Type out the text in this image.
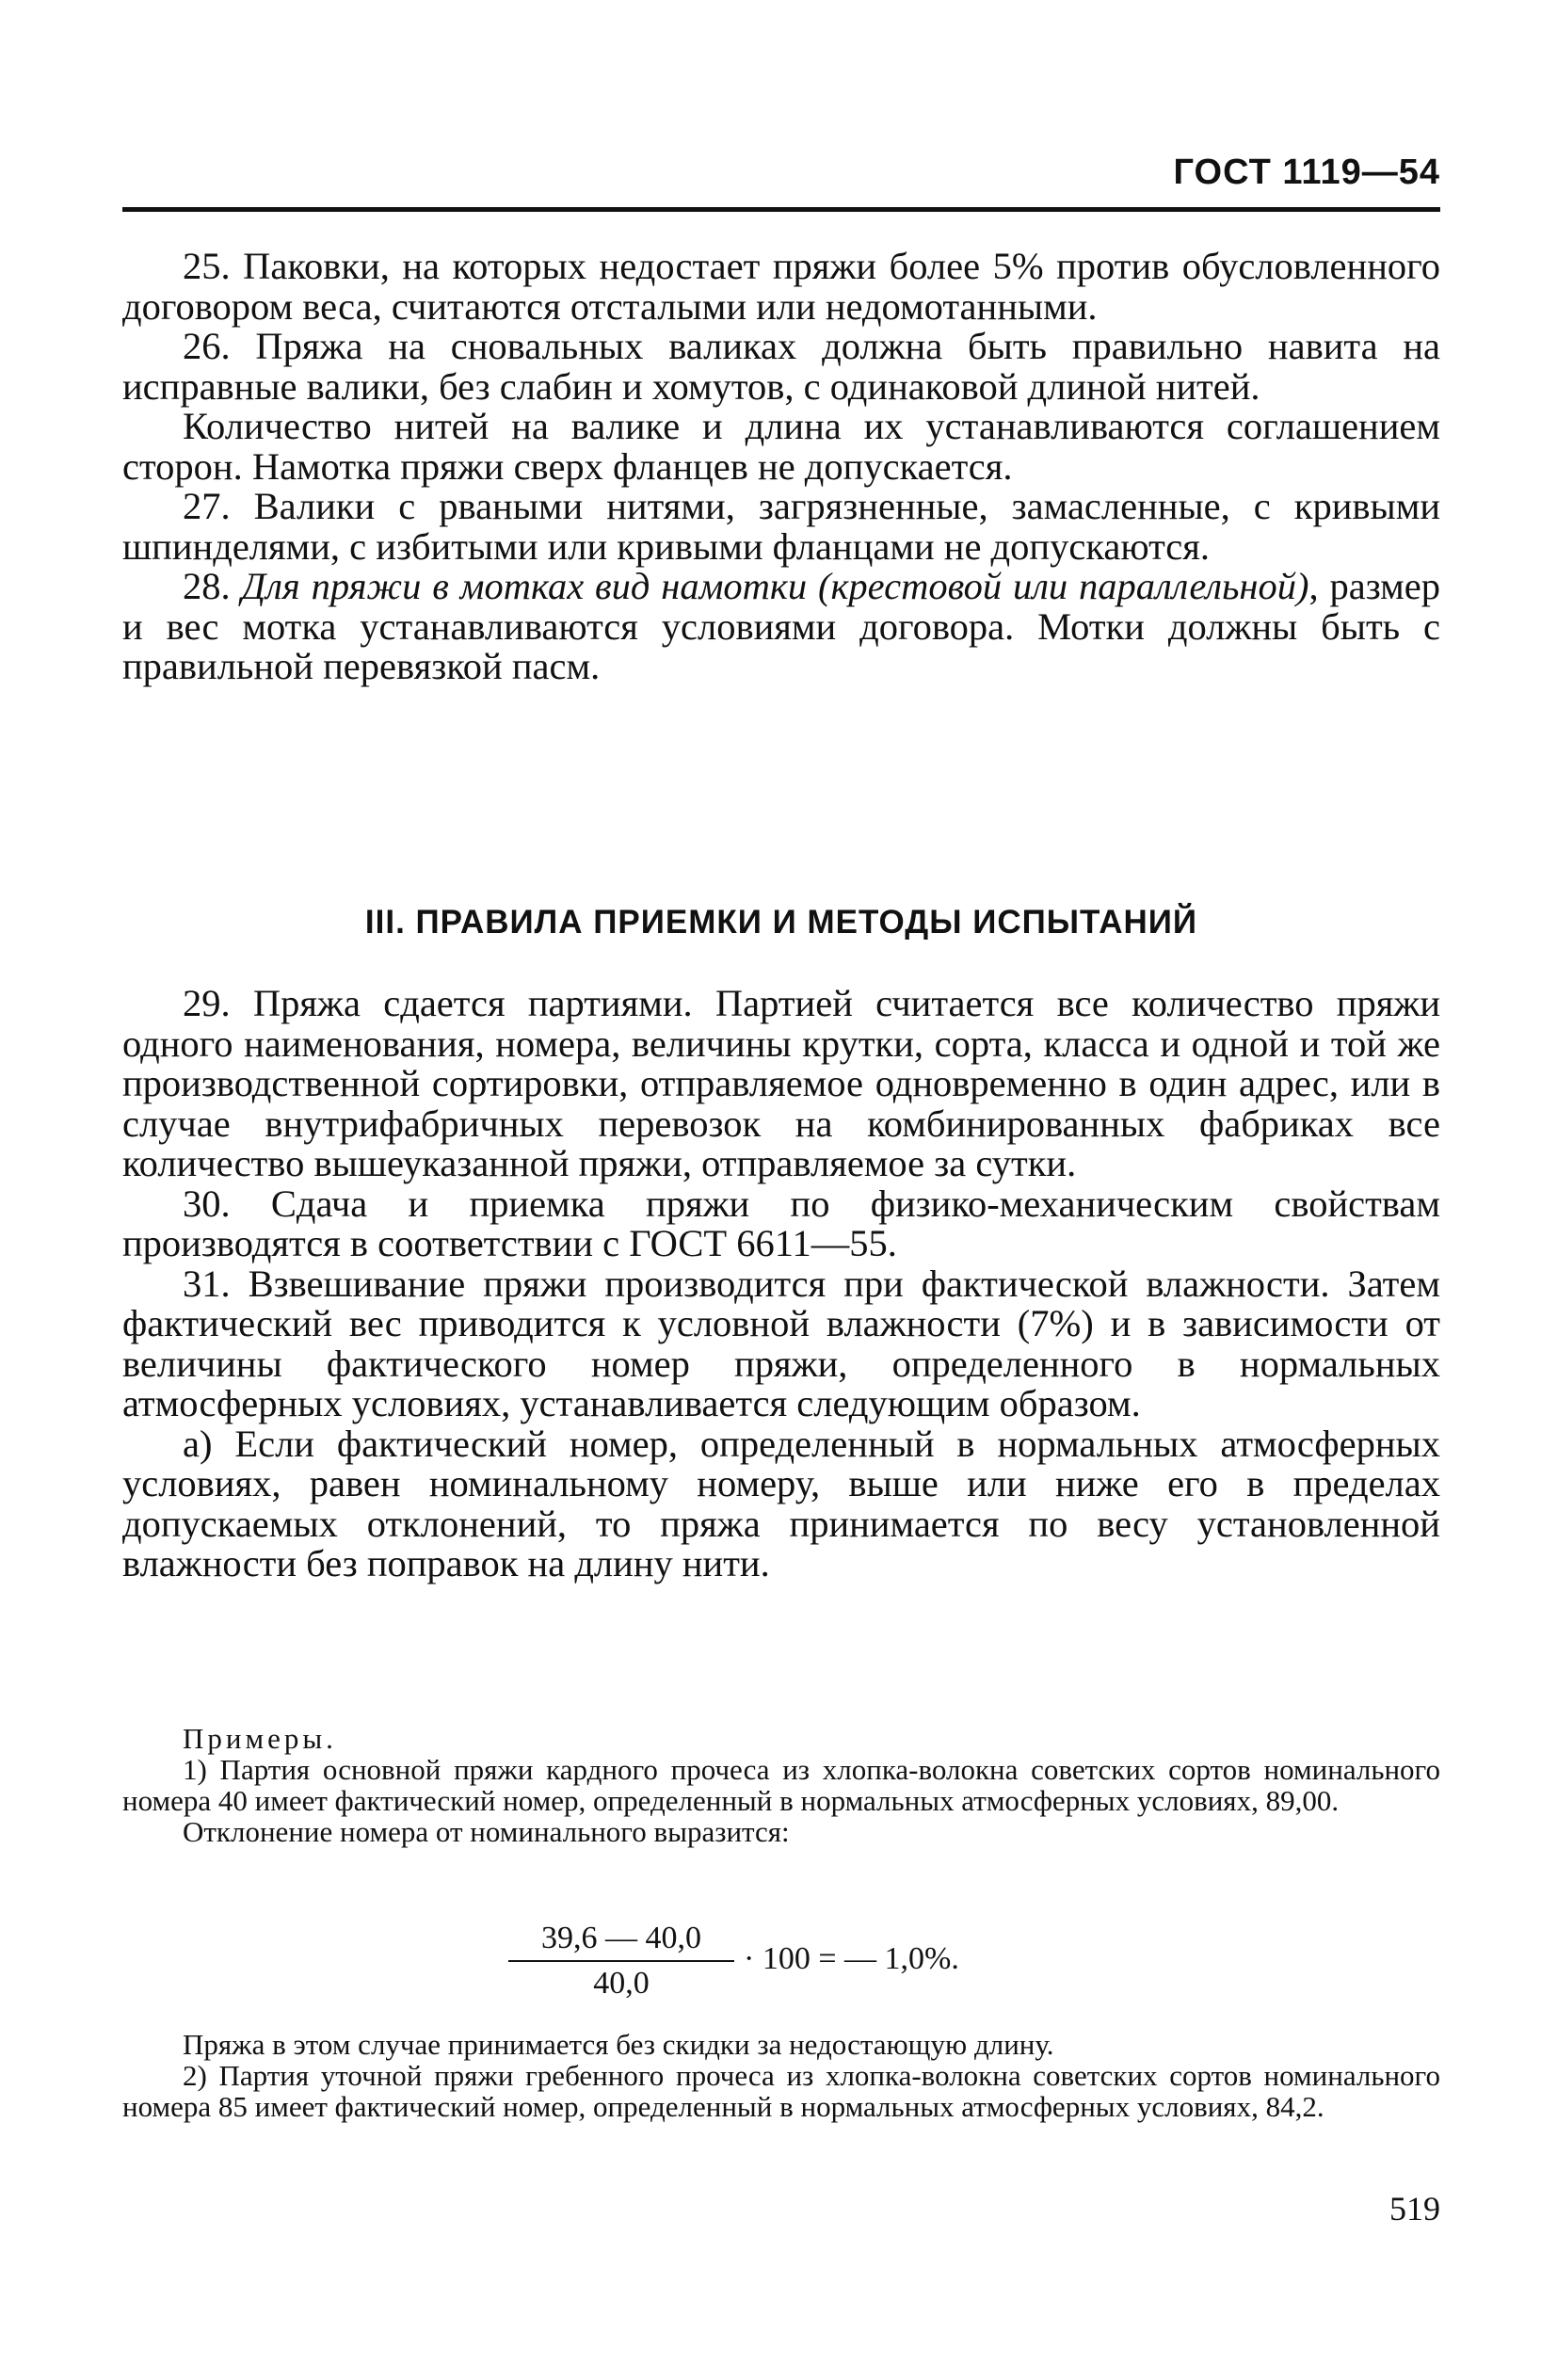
ГОСТ 1119—54

25. Паковки, на которых недостает пряжи более 5% против обусловленного договором веса, считаются отсталыми или недомотанными.

26. Пряжа на сновальных валиках должна быть правильно навита на исправные валики, без слабин и хомутов, с одинаковой длиной нитей.

Количество нитей на валике и длина их устанавливаются соглашением сторон. Намотка пряжи сверх фланцев не допускается.

27. Валики с рваными нитями, загрязненные, замасленные, с кривыми шпинделями, с избитыми или кривыми фланцами не допускаются.

28. Для пряжи в мотках вид намотки (крестовой или параллельной), размер и вес мотка устанавливаются условиями договора. Мотки должны быть с правильной перевязкой пасм.

III. ПРАВИЛА ПРИЕМКИ И МЕТОДЫ ИСПЫТАНИЙ

29. Пряжа сдается партиями. Партией считается все количество пряжи одного наименования, номера, величины крутки, сорта, класса и одной и той же производственной сортировки, отправляемое одновременно в один адрес, или в случае внутрифабричных перевозок на комбинированных фабриках все количество вышеуказанной пряжи, отправляемое за сутки.

30. Сдача и приемка пряжи по физико-механическим свойствам производятся в соответствии с ГОСТ 6611—55.

31. Взвешивание пряжи производится при фактической влажности. Затем фактический вес приводится к условной влажности (7%) и в зависимости от величины фактического номер пряжи, определенного в нормальных атмосферных условиях, устанавливается следующим образом.

а) Если фактический номер, определенный в нормальных атмосферных условиях, равен номинальному номеру, выше или ниже его в пределах допускаемых отклонений, то пряжа принимается по весу установленной влажности без поправок на длину нити.

Примеры.

1) Партия основной пряжи кардного прочеса из хлопка-волокна советских сортов номинального номера 40 имеет фактический номер, определенный в нормальных атмосферных условиях, 89,00.

Отклонение номера от номинального выразится:

39,6 — 40,0
40,0
· 100 = — 1,0%.

Пряжа в этом случае принимается без скидки за недостающую длину.

2) Партия уточной пряжи гребенного прочеса из хлопка-волокна советских сортов номинального номера 85 имеет фактический номер, определенный в нормальных атмосферных условиях, 84,2.

519
